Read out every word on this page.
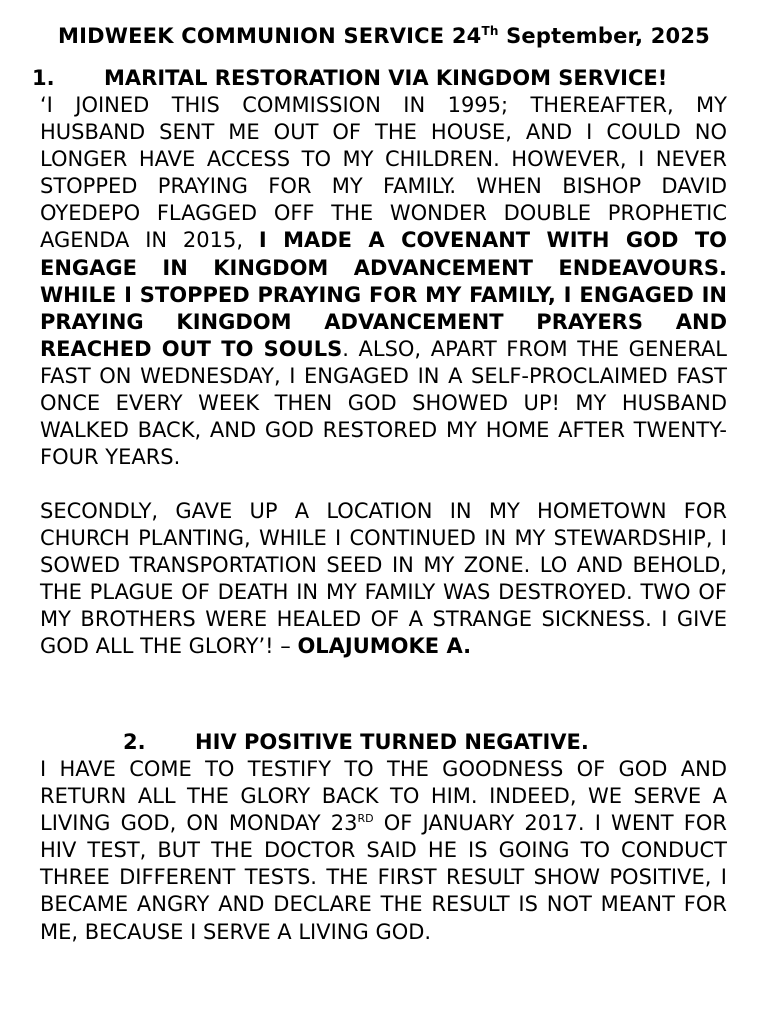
MIDWEEK COMMUNION SERVICE 24Th September, 2025
1. MARITAL RESTORATION VIA KINGDOM SERVICE!

‘I JOINED THIS COMMISSION IN 1995; THEREAFTER, MY HUSBAND SENT ME OUT OF THE HOUSE, AND I COULD NO LONGER HAVE ACCESS TO MY CHILDREN. HOWEVER, I NEVER STOPPED PRAYING FOR MY FAMILY. WHEN BISHOP DAVID OYEDEPO FLAGGED OFF THE WONDER DOUBLE PROPHETIC AGENDA IN 2015, I MADE A COVENANT WITH GOD TO ENGAGE IN KINGDOM ADVANCEMENT ENDEAVOURS. WHILE I STOPPED PRAYING FOR MY FAMILY, I ENGAGED IN PRAYING KINGDOM ADVANCEMENT PRAYERS AND REACHED OUT TO SOULS. ALSO, APART FROM THE GENERAL FAST ON WEDNESDAY, I ENGAGED IN A SELF-PROCLAIMED FAST ONCE EVERY WEEK THEN GOD SHOWED UP! MY HUSBAND WALKED BACK, AND GOD RESTORED MY HOME AFTER TWENTY-FOUR YEARS.

SECONDLY, GAVE UP A LOCATION IN MY HOMETOWN FOR CHURCH PLANTING, WHILE I CONTINUED IN MY STEWARDSHIP, I SOWED TRANSPORTATION SEED IN MY ZONE. LO AND BEHOLD, THE PLAGUE OF DEATH IN MY FAMILY WAS DESTROYED. TWO OF MY BROTHERS WERE HEALED OF A STRANGE SICKNESS. I GIVE GOD ALL THE GLORY’! – OLAJUMOKE A.

2. HIV POSITIVE TURNED NEGATIVE.

I HAVE COME TO TESTIFY TO THE GOODNESS OF GOD AND RETURN ALL THE GLORY BACK TO HIM. INDEED, WE SERVE A LIVING GOD, ON MONDAY 23RD OF JANUARY 2017. I WENT FOR HIV TEST, BUT THE DOCTOR SAID HE IS GOING TO CONDUCT THREE DIFFERENT TESTS. THE FIRST RESULT SHOW POSITIVE, I BECAME ANGRY AND DECLARE THE RESULT IS NOT MEANT FOR ME, BECAUSE I SERVE A LIVING GOD.
